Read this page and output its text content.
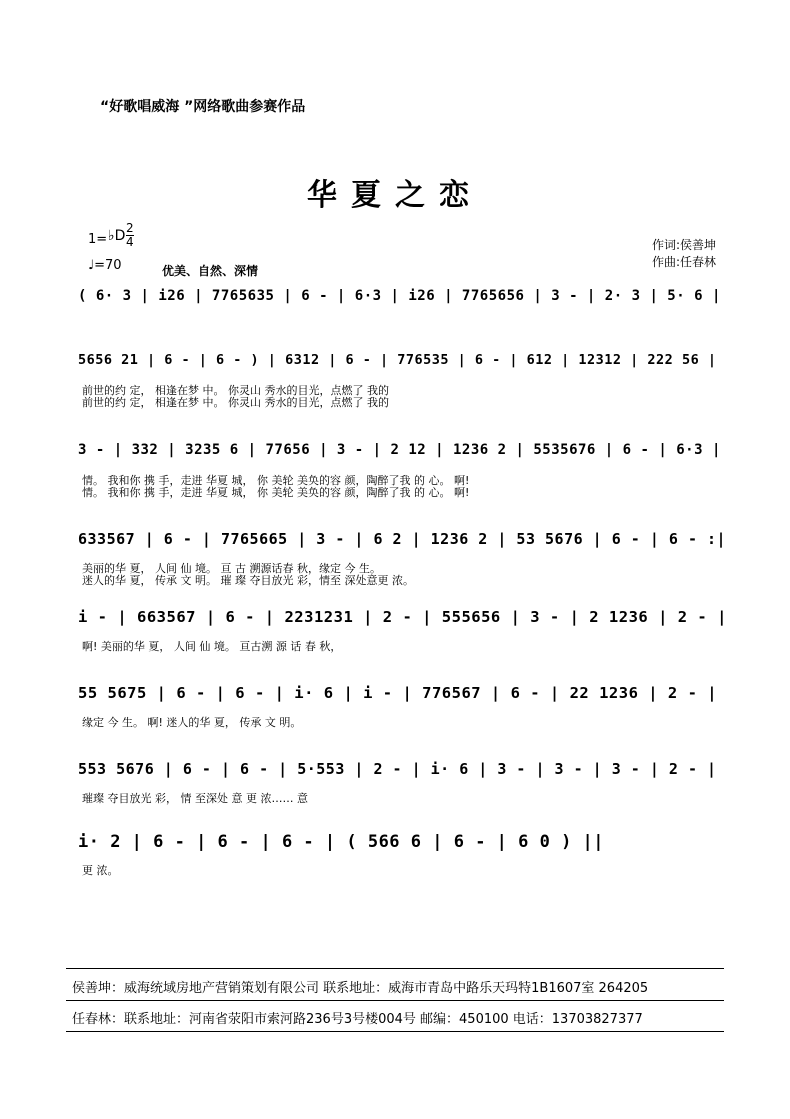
“好歌唱威海 ”网络歌曲参赛作品
华夏之恋
1= ♭D 2
4
♩=70	优美、自然、深情
作词:侯善坤
作曲:任春林
( 6· 3 | i26 | 7765635 | 6 - | 6·3 | i26 | 7765656 | 3 - | 2· 3 | 5· 6 |
5656 21 | 6 - | 6 - ) | 6312 | 6 - | 776535 | 6 - | 612 | 12312 | 222 56 |
前世的约 定， 相逢在梦 中。 你灵山 秀水的目光，点燃了 我的
前世的约 定， 相逢在梦 中。 你灵山 秀水的目光，点燃了 我的
3 - | 332 | 3235 6 | 77656 | 3 - | 2 12 | 1236 2 | 5535676 | 6 - | 6·3 |
情。 我和你 携 手，走进 华夏 城， 你 美轮 美奂的容 颜，陶醉了我 的 心。 啊!
情。 我和你 携 手，走进 华夏 城， 你 美轮 美奂的容 颜，陶醉了我 的 心。 啊!
633567 | 6 - | 7765665 | 3 - | 6 2 | 1236 2 | 53 5676 | 6 - | 6 - :|
美丽的华 夏， 人间 仙 境。 亘 古 溯源话春 秋，缘定 今 生。
迷人的华 夏， 传承 文 明。 璀 璨 夺目放光 彩，情至 深处意更 浓。
i - | 663567 | 6 - | 2231231 | 2 - | 555656 | 3 - | 2 1236 | 2 - |
啊! 美丽的华 夏， 人间 仙 境。 亘古溯 源 话 春 秋，
55 5675 | 6 - | 6 - | i· 6 | i - | 776567 | 6 - | 22 1236 | 2 - |
缘定 今 生。 啊! 迷人的华 夏， 传承 文 明。
553 5676 | 6 - | 6 - | 5·553 | 2 - | i· 6 | 3 - | 3 - | 3 - | 2 - |
璀璨 夺目放光 彩， 情 至深处 意 更 浓…… 意
i· 2 | 6 - | 6 - | 6 - | ( 566 6 | 6 - | 6 0 ) ||
更 浓。
侯善坤：威海统域房地产营销策划有限公司 联系地址：威海市青岛中路乐天玛特1B1607室 264205
任春林：联系地址：河南省荥阳市索河路236号3号楼004号 邮编：450100 电话：13703827377
